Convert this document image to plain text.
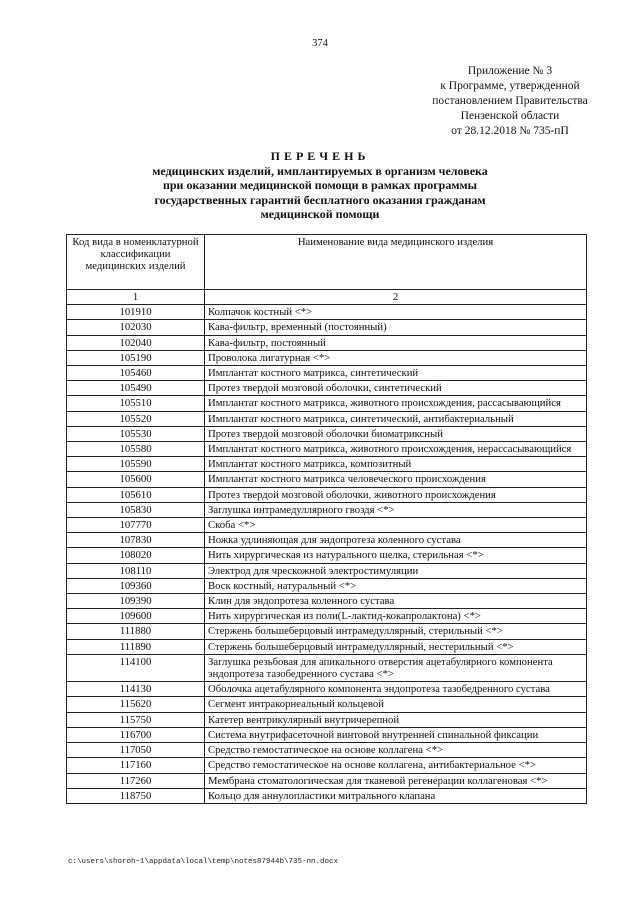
374
Приложение № 3
к Программе, утвержденной
постановлением Правительства
Пензенской области
от 28.12.2018 № 735-пП
ПЕРЕЧЕНЬ
медицинских изделий, имплантируемых в организм человека
при оказании медицинской помощи в рамках программы
государственных гарантий бесплатного оказания гражданам
медицинской помощи
Код вида в номенклатурной классификации медицинских изделий	Наименование вида медицинского изделия
1	2
101910	Колпачок костный <*>
102030	Кава-фильтр, временный (постоянный)
102040	Кава-фильтр, постоянный
105190	Проволока лигатурная <*>
105460	Имплантат костного матрикса, синтетический
105490	Протез твердой мозговой оболочки, синтетический
105510	Имплантат костного матрикса, животного происхождения, рассасывающийся
105520	Имплантат костного матрикса, синтетический, антибактериальный
105530	Протез твердой мозговой оболочки биоматриксный
105580	Имплантат костного матрикса, животного происхождения, нерассасывающийся
105590	Имплантат костного матрикса, композитный
105600	Имплантат костного матрикса человеческого происхождения
105610	Протез твердой мозговой оболочки, животного происхождения
105830	Заглушка интрамедуллярного гвоздя <*>
107770	Скоба <*>
107830	Ножка удлиняющая для эндопротеза коленного сустава
108020	Нить хирургическая из натурального шелка, стерильная <*>
108110	Электрод для чрескожной электростимуляции
109360	Воск костный, натуральный <*>
109390	Клин для эндопротеза коленного сустава
109600	Нить хирургическая из поли(L-лактид-кокапролактона) <*>
111880	Стержень большеберцовый интрамедуллярный, стерильный <*>
111890	Стержень большеберцовый интрамедуллярный, нестерильный <*>
114100	Заглушка резьбовая для апикального отверстия ацетабулярного компонента эндопротеза тазобедренного сустава <*>
114130	Оболочка ацетабулярного компонента эндопротеза тазобедренного сустава
115620	Сегмент интракорнеальный кольцевой
115750	Катетер вентрикулярный внутричерепной
116700	Система внутрифасеточной винтовой внутренней спинальной фиксации
117050	Средство гемостатическое на основе коллагена <*>
117160	Средство гемостатическое на основе коллагена, антибактериальное <*>
117260	Мембрана стоматологическая для тканевой регенерации коллагеновая <*>
118750	Кольцо для аннулопластики митрального клапана
c:\users\shoroh~1\appdata\local\temp\notes87944b\735-пп.docx
